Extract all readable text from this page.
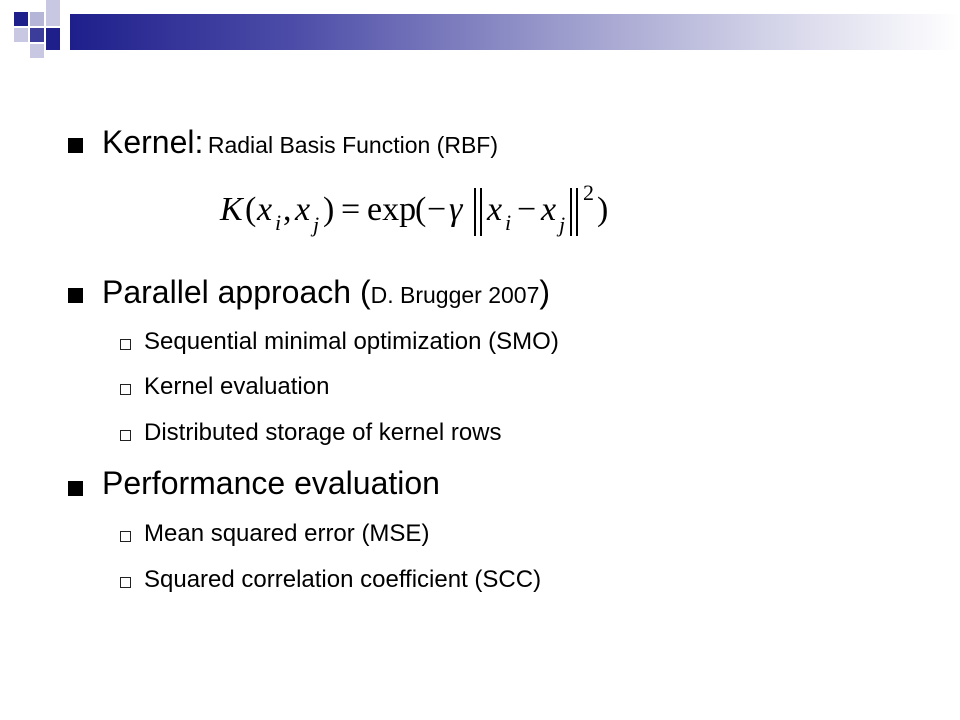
Kernel: Radial Basis Function (RBF)
K ( x i , x j ) = exp
( − γ x i − x j
2 )
Parallel approach (D. Brugger 2007)
Sequential minimal optimization (SMO)
Kernel evaluation
Distributed storage of kernel rows
Performance evaluation
Mean squared error (MSE)
Squared correlation coefficient (SCC)
